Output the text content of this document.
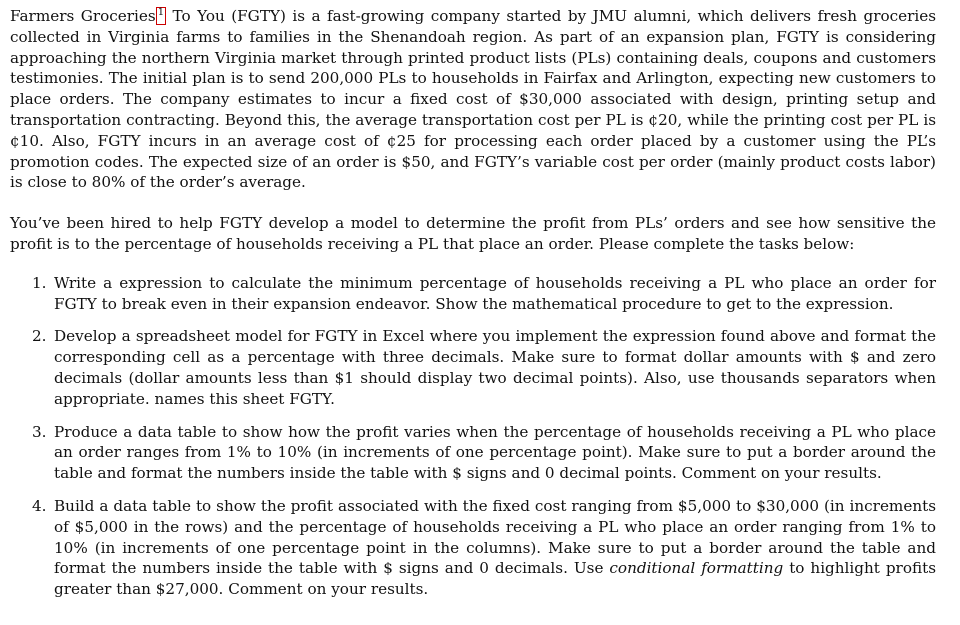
Farmers Groceries $^1$ To You (FGTY) is a fast-growing company started by JMU alumni, which delivers fresh groceries collected in Virginia farms to families in the Shenandoah region. As part of an expansion plan, FGTY is considering approaching the northern Virginia market through printed product lists (PLs) containing deals, coupons and customers testimonies. The initial plan is to send 200,000 PLs to households in Fairfax and Arlington, expecting new customers to place orders. The company estimates to incur a fixed cost of $30,000 associated with design, printing setup and transportation contracting. Beyond this, the average transportation cost per PL is ¢20, while the printing cost per PL is ¢10. Also, FGTY incurs in an average cost of ¢25 for processing each order placed by a customer using the PL’s promotion codes. The expected size of an order is $50, and FGTY’s variable cost per order (mainly product costs labor) is close to 80% of the order’s average.

You’ve been hired to help FGTY develop a model to determine the profit from PLs’ orders and see how sensitive the profit is to the percentage of households receiving a PL that place an order. Please complete the tasks below:

1. Write a expression to calculate the minimum percentage of households receiving a PL who place an order for FGTY to break even in their expansion endeavor. Show the mathematical procedure to get to the expression.
2. Develop a spreadsheet model for FGTY in Excel where you implement the expression found above and format the corresponding cell as a percentage with three decimals. Make sure to format dollar amounts with $ and zero decimals (dollar amounts less than $1 should display two decimal points). Also, use thousands separators when appropriate. names this sheet FGTY.
3. Produce a data table to show how the profit varies when the percentage of households receiving a PL who place an order ranges from 1% to 10% (in increments of one percentage point). Make sure to put a border around the table and format the numbers inside the table with $ signs and 0 decimal points. Comment on your results.
4. Build a data table to show the profit associated with the fixed cost ranging from $5,000 to $30,000 (in increments of $5,000 in the rows) and the percentage of households receiving a PL who place an order ranging from 1% to 10% (in increments of one percentage point in the columns). Make sure to put a border around the table and format the numbers inside the table with $ signs and 0 decimals. Use conditional formatting to highlight profits greater than $27,000. Comment on your results.
